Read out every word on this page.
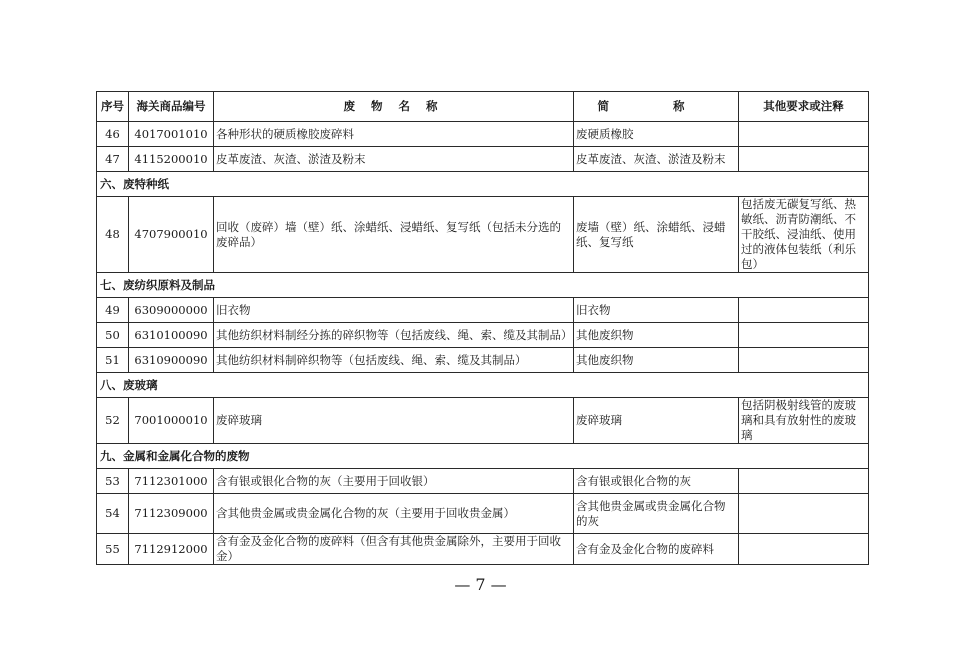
序号	海关商品编号	废 物 名 称	简 称	其他要求或注释
46	4017001010	各种形状的硬质橡胶废碎料	废硬质橡胶	
47	4115200010	皮革废渣、灰渣、淤渣及粉末	皮革废渣、灰渣、淤渣及粉末	
六、废特种纸				
48	4707900010	回收（废碎）墙（壁）纸、涂蜡纸、浸蜡纸、复写纸（包括未分选的废碎品）	废墙（壁）纸、涂蜡纸、浸蜡纸、复写纸	包括废无碳复写纸、热敏纸、沥青防潮纸、不干胶纸、浸油纸、使用过的液体包装纸（利乐包）
七、废纺织原料及制品				
49	6309000000	旧衣物	旧衣物	
50	6310100090	其他纺织材料制经分拣的碎织物等（包括废线、绳、索、缆及其制品）	其他废织物	
51	6310900090	其他纺织材料制碎织物等（包括废线、绳、索、缆及其制品）	其他废织物	
八、废玻璃				
52	7001000010	废碎玻璃	废碎玻璃	包括阴极射线管的废玻璃和具有放射性的废玻璃
九、金属和金属化合物的废物				
53	7112301000	含有银或银化合物的灰（主要用于回收银）	含有银或银化合物的灰	
54	7112309000	含其他贵金属或贵金属化合物的灰（主要用于回收贵金属）	含其他贵金属或贵金属化合物的灰	
55	7112912000	含有金及金化合物的废碎料（但含有其他贵金属除外，主要用于回收金）	含有金及金化合物的废碎料	
— 7 —
